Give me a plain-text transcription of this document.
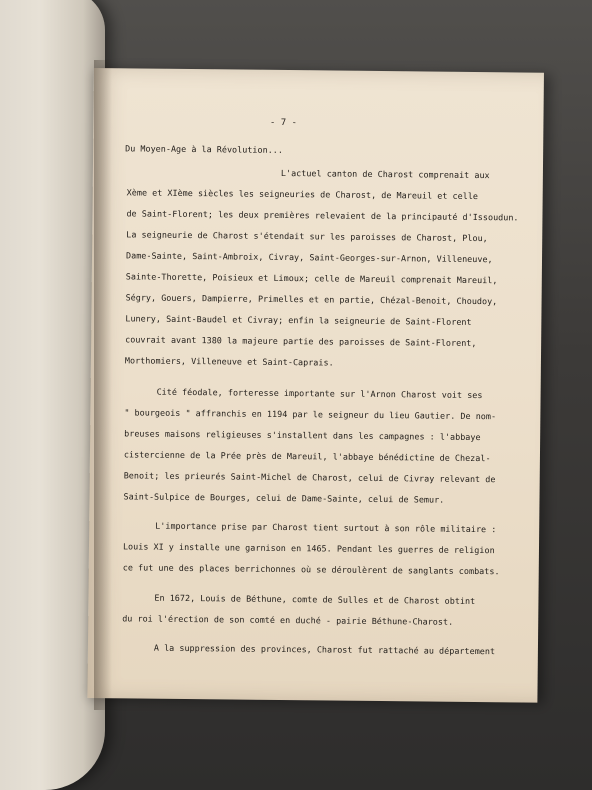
- 7 -
Du Moyen-Age à la Révolution...
L'actuel canton de Charost comprenait aux
Xème et XIème siècles les seigneuries de Charost, de Mareuil et celle
de Saint-Florent; les deux premières relevaient de la principauté d'Issoudun.
La seigneurie de Charost s'étendait sur les paroisses de Charost, Plou,
Dame-Sainte, Saint-Ambroix, Civray, Saint-Georges-sur-Arnon, Villeneuve,
Sainte-Thorette, Poisieux et Limoux; celle de Mareuil comprenait Mareuil,
Ségry, Gouers, Dampierre, Primelles et en partie, Chézal-Benoit, Choudoy,
Lunery, Saint-Baudel et Civray; enfin la seigneurie de Saint-Florent
couvrait avant 1380 la majeure partie des paroisses de Saint-Florent,
Morthomiers, Villeneuve et Saint-Caprais.
Cité féodale, forteresse importante sur l'Arnon Charost voit ses
" bourgeois " affranchis en 1194 par le seigneur du lieu Gautier. De nom-
breuses maisons religieuses s'installent dans les campagnes : l'abbaye
cistercienne de la Prée près de Mareuil, l'abbaye bénédictine de Chezal-
Benoit; les prieurés Saint-Michel de Charost, celui de Civray relevant de
Saint-Sulpice de Bourges, celui de Dame-Sainte, celui de Semur.
L'importance prise par Charost tient surtout à son rôle militaire :
Louis XI y installe une garnison en 1465. Pendant les guerres de religion
ce fut une des places berrichonnes où se déroulèrent de sanglants combats.
En 1672, Louis de Béthune, comte de Sulles et de Charost obtint
du roi l'érection de son comté en duché - pairie Béthune-Charost.
A la suppression des provinces, Charost fut rattaché au département
